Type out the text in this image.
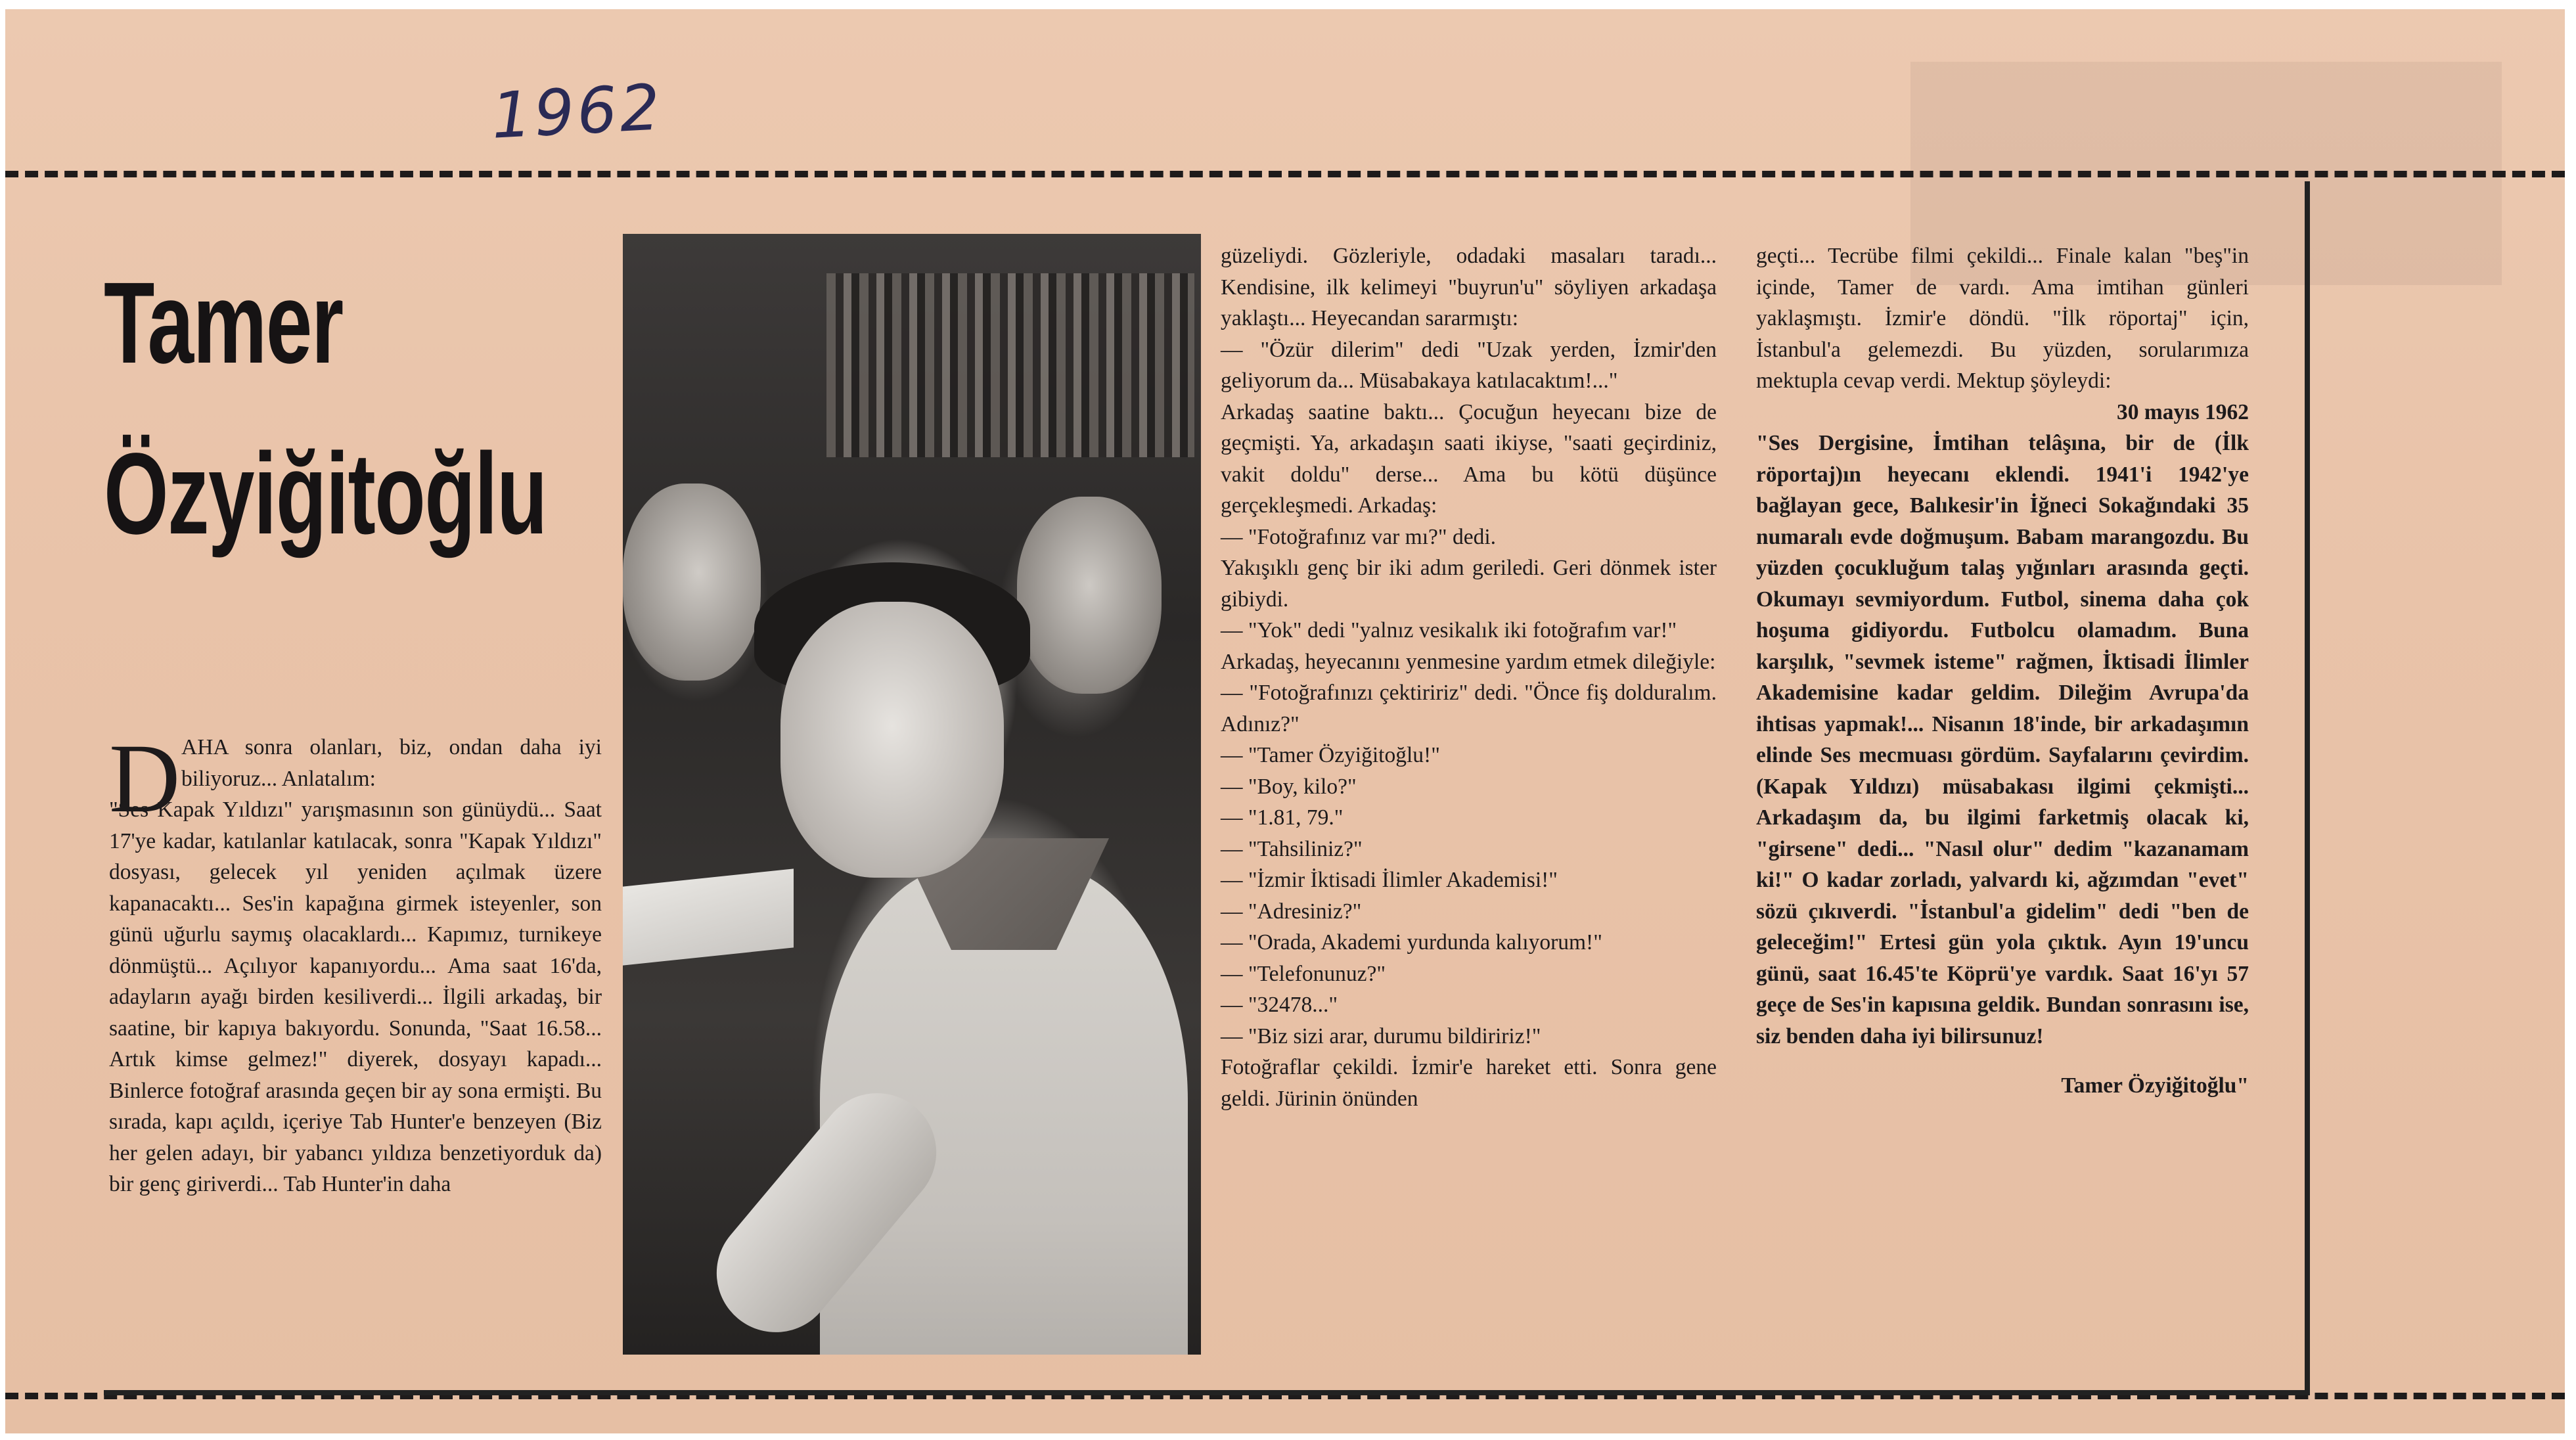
1962
Tamer
Özyiğitoğlu
D AHA sonra olanları, biz, ondan daha iyi biliyoruz... Anlatalım:
"Ses Kapak Yıldızı" yarışmasının son günüydü... Saat 17'ye kadar, katılanlar katılacak, sonra "Kapak Yıldızı" dosyası, gelecek yıl yeniden açılmak üzere kapanacaktı... Ses'in kapağına girmek isteyenler, son günü uğurlu saymış olacaklardı... Kapımız, turnikeye dönmüştü... Açılıyor kapanıyordu... Ama saat 16'da, adayların ayağı birden kesiliverdi... İlgili arkadaş, bir saatine, bir kapıya bakıyordu. Sonunda, "Saat 16.58... Artık kimse gelmez!" diyerek, dosyayı kapadı... Binlerce fotoğraf arasında geçen bir ay sona ermişti. Bu sırada, kapı açıldı, içeriye Tab Hunter'e benzeyen (Biz her gelen adayı, bir yabancı yıldıza benzetiyorduk da) bir genç giriverdi... Tab Hunter'in daha

güzeliydi. Gözleriyle, odadaki masaları taradı... Kendisine, ilk kelimeyi "buyrun'u" söyliyen arkadaşa yaklaştı... Heyecandan sararmıştı:

— "Özür dilerim" dedi "Uzak yerden, İzmir'den geliyorum da... Müsabakaya katılacaktım!..."

Arkadaş saatine baktı... Çocuğun heyecanı bize de geçmişti. Ya, arkadaşın saati ikiyse, "saati geçirdiniz, vakit doldu" derse... Ama bu kötü düşünce gerçekleşmedi. Arkadaş:

— "Fotoğrafınız var mı?" dedi.

Yakışıklı genç bir iki adım geriledi. Geri dönmek ister gibiydi.

— "Yok" dedi "yalnız vesikalık iki fotoğrafım var!"

Arkadaş, heyecanını yenmesine yardım etmek dileğiyle:

— "Fotoğrafınızı çektiririz" dedi. "Önce fiş dolduralım. Adınız?"

— "Tamer Özyiğitoğlu!"

— "Boy, kilo?"

— "1.81, 79."

— "Tahsiliniz?"

— "İzmir İktisadi İlimler Akademisi!"

— "Adresiniz?"

— "Orada, Akademi yurdunda kalıyorum!"

— "Telefonunuz?"

— "32478..."

— "Biz sizi arar, durumu bildiririz!"

Fotoğraflar çekildi. İzmir'e hareket etti. Sonra gene geldi. Jürinin önünden

geçti... Tecrübe filmi çekildi... Finale kalan "beş"in içinde, Tamer de vardı. Ama imtihan günleri yaklaşmıştı. İzmir'e döndü. "İlk röportaj" için, İstanbul'a gelemezdi. Bu yüzden, sorularımıza mektupla cevap verdi. Mektup şöyleydi:

30 mayıs 1962

"Ses Dergisine, İmtihan telâşına, bir de (İlk röportaj)ın heyecanı eklendi. 1941'i 1942'ye bağlayan gece, Balıkesir'in İğneci Sokağındaki 35 numaralı evde doğmuşum. Babam marangozdu. Bu yüzden çocukluğum talaş yığınları arasında geçti. Okumayı sevmiyordum. Futbol, sinema daha çok hoşuma gidiyordu. Futbolcu olamadım. Buna karşılık, "sevmek isteme" rağmen, İktisadi İlimler Akademisine kadar geldim. Dileğim Avrupa'da ihtisas yapmak!... Nisanın 18'inde, bir arkadaşımın elinde Ses mecmuası gördüm. Sayfalarını çevirdim. (Kapak Yıldızı) müsabakası ilgimi çekmişti... Arkadaşım da, bu ilgimi farketmiş olacak ki, "girsene" dedi... "Nasıl olur" dedim "kazanamam ki!" O kadar zorladı, yalvardı ki, ağzımdan "evet" sözü çıkıverdi. "İstanbul'a gidelim" dedi "ben de geleceğim!" Ertesi gün yola çıktık. Ayın 19'uncu günü, saat 16.45'te Köprü'ye vardık. Saat 16'yı 57 geçe de Ses'in kapısına geldik. Bundan sonrasını ise, siz benden daha iyi bilirsunuz!

Tamer Özyiğitoğlu"
